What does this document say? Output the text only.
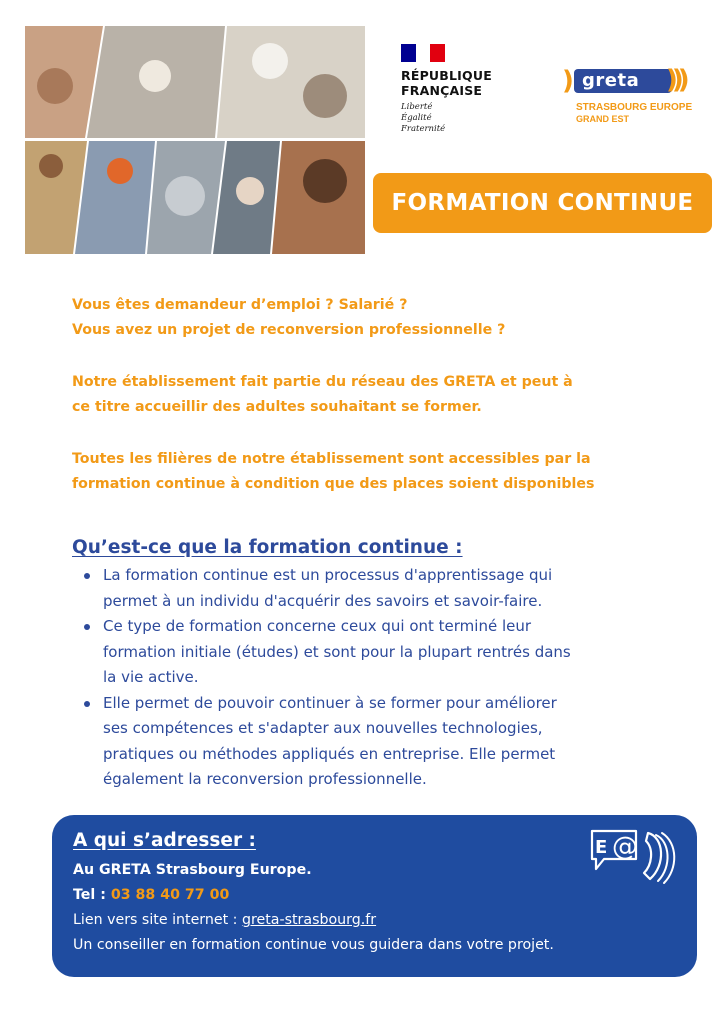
RÉPUBLIQUE
FRANÇAISE
Liberté
Égalité
Fraternité
) greta	)))
STRASBOURG EUROPE
GRAND EST
FORMATION CONTINUE

Vous êtes demandeur d’emploi ? Salarié ?
Vous avez un projet de reconversion professionnelle ?

Notre établissement fait partie du réseau des GRETA et peut à
ce titre accueillir des adultes souhaitant se former.

Toutes les filières de notre établissement sont accessibles par la
formation continue à condition que des places soient disponibles

Qu’est-ce que la formation continue :
La formation continue est un processus d'apprentissage qui
permet à un individu d'acquérir des savoirs et savoir-faire.
Ce type de formation concerne ceux qui ont terminé leur
formation initiale (études) et sont pour la plupart rentrés dans
la vie active.
Elle permet de pouvoir continuer à se former pour améliorer
ses compétences et s'adapter aux nouvelles technologies,
pratiques ou méthodes appliqués en entreprise. Elle permet
également la reconversion professionnelle.
A qui s’adresser :
Au GRETA Strasbourg Europe.
Tel : 03 88 40 77 00
Lien vers site internet : greta-strasbourg.fr
Un conseiller en formation continue vous guidera dans votre projet.
E @
